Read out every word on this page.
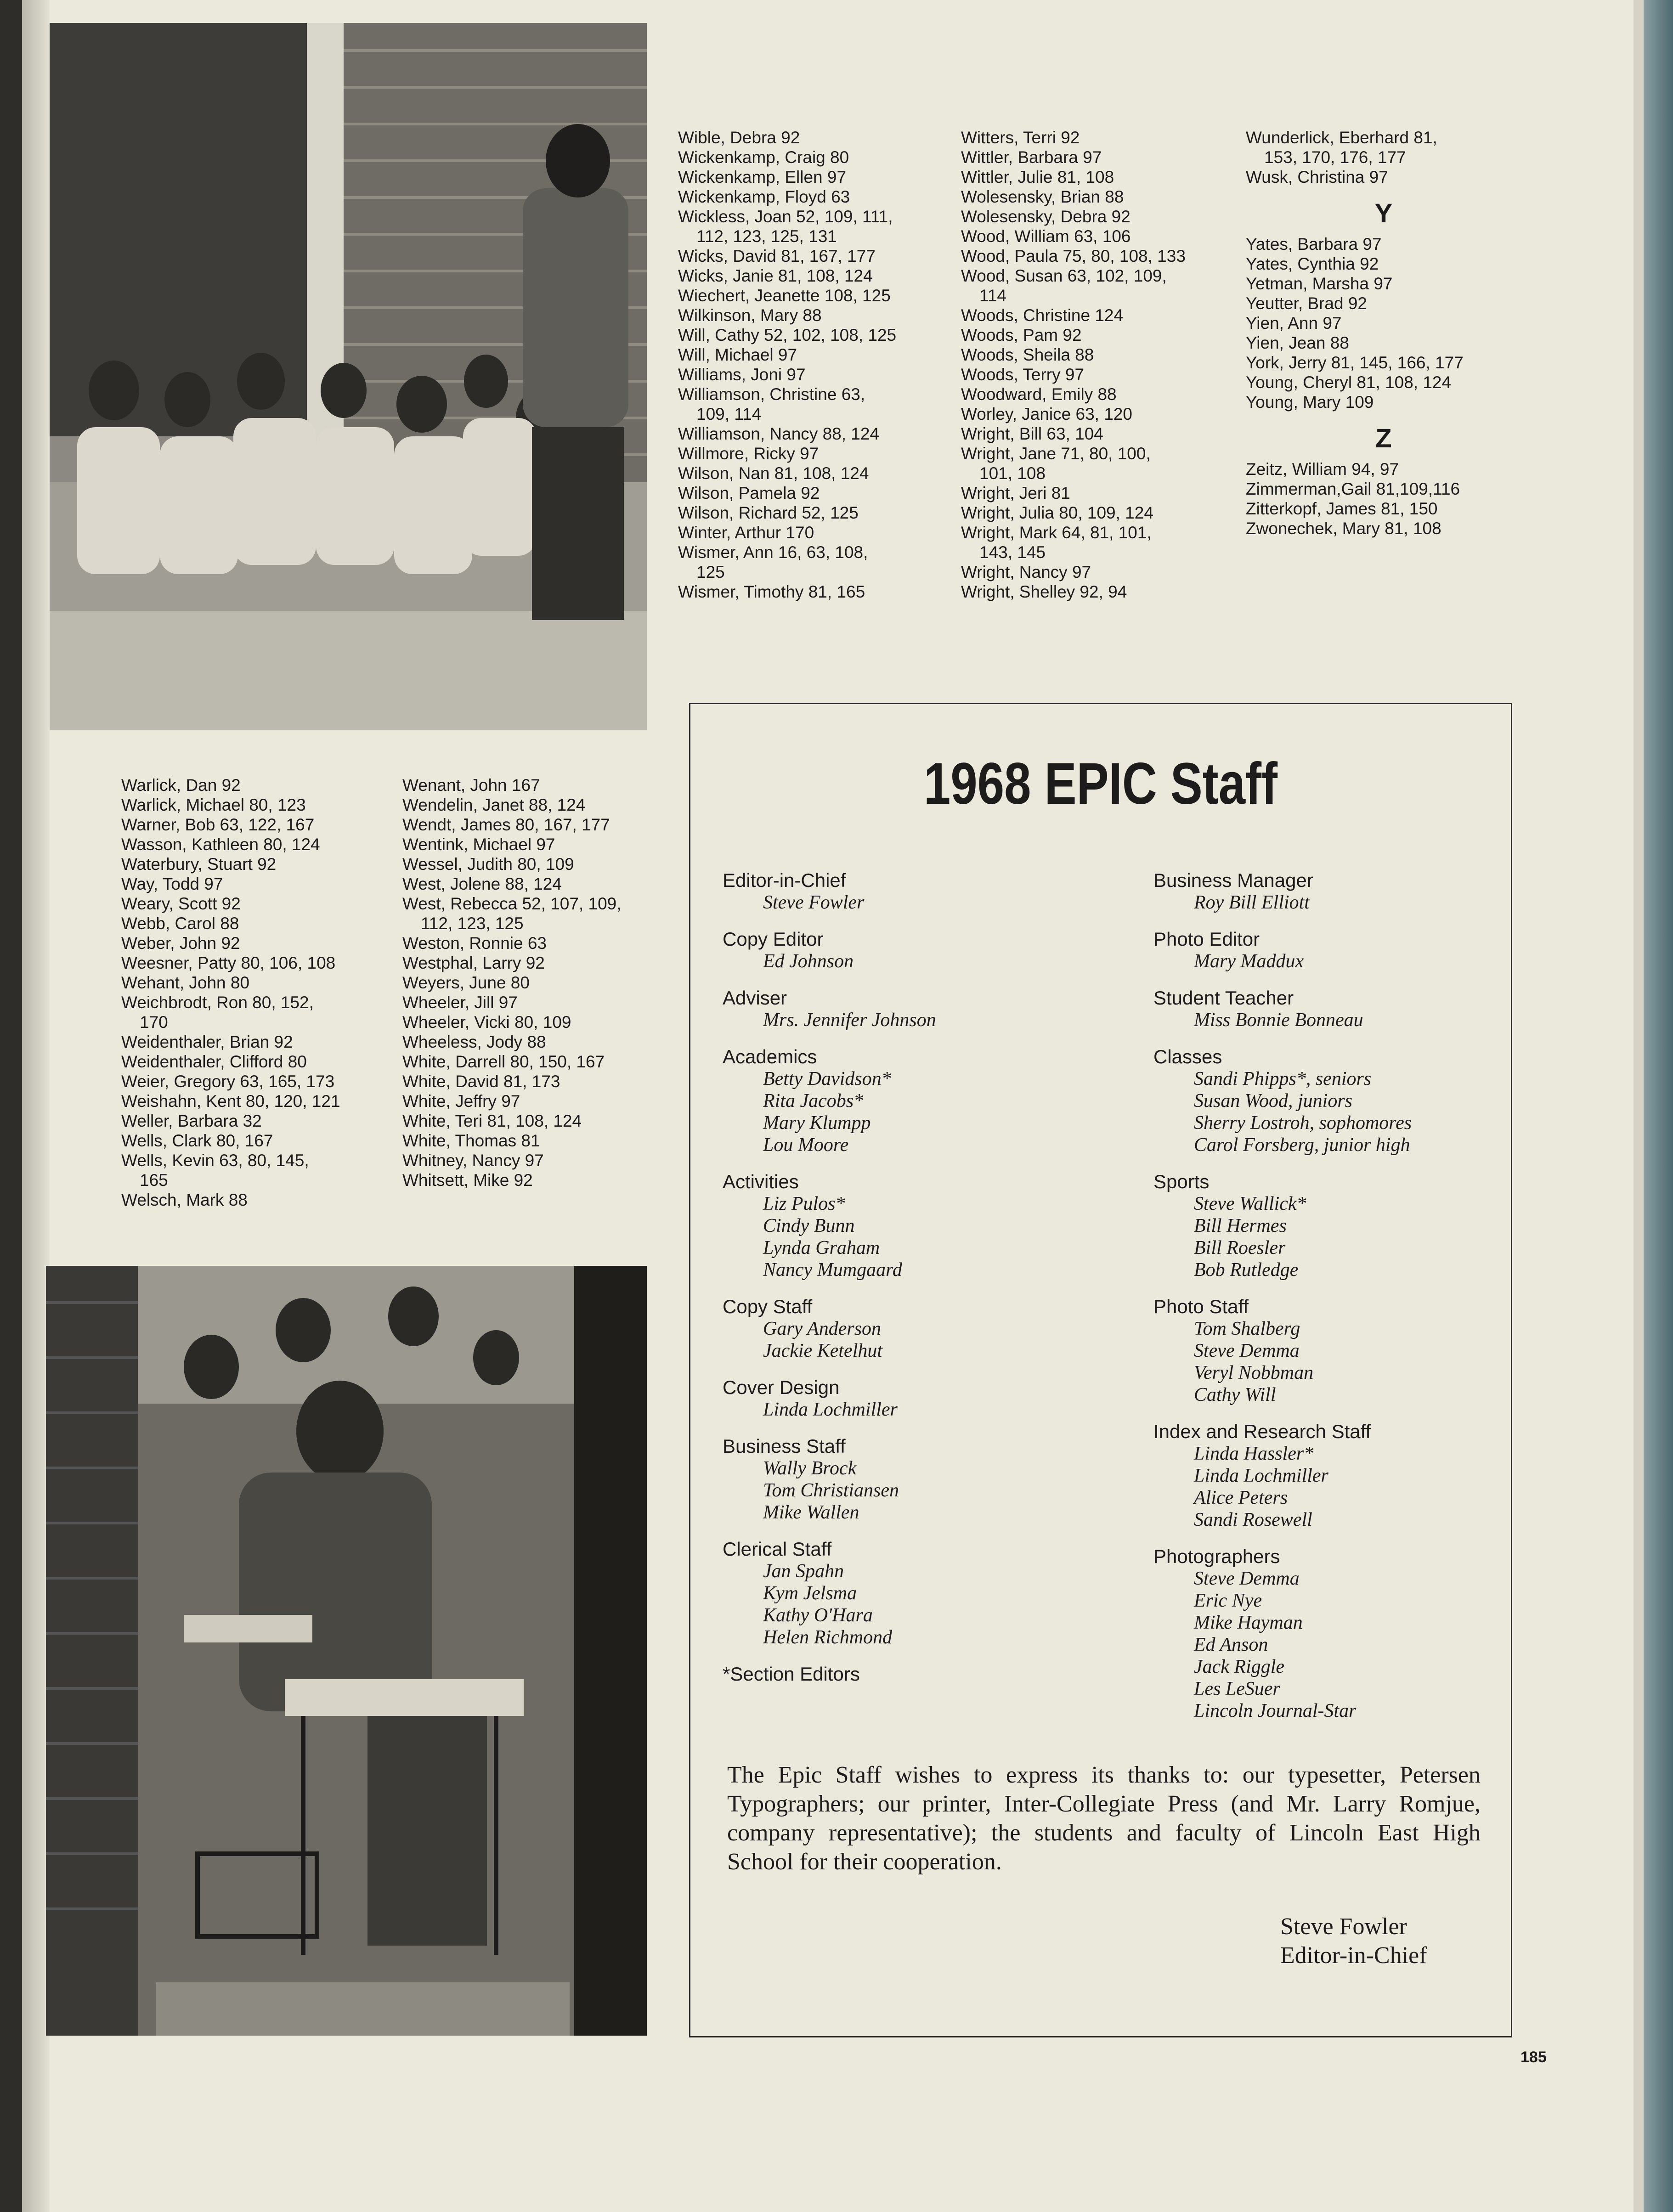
Wible, Debra 92
Wickenkamp, Craig 80
Wickenkamp, Ellen 97
Wickenkamp, Floyd 63
Wickless, Joan 52, 109, 111,
112, 123, 125, 131
Wicks, David 81, 167, 177
Wicks, Janie 81, 108, 124
Wiechert, Jeanette 108, 125
Wilkinson, Mary 88
Will, Cathy 52, 102, 108, 125
Will, Michael 97
Williams, Joni 97
Williamson, Christine 63,
109, 114
Williamson, Nancy 88, 124
Willmore, Ricky 97
Wilson, Nan 81, 108, 124
Wilson, Pamela 92
Wilson, Richard 52, 125
Winter, Arthur 170
Wismer, Ann 16, 63, 108,
125
Wismer, Timothy 81, 165
Witters, Terri 92
Wittler, Barbara 97
Wittler, Julie 81, 108
Wolesensky, Brian 88
Wolesensky, Debra 92
Wood, William 63, 106
Wood, Paula 75, 80, 108, 133
Wood, Susan 63, 102, 109,
114
Woods, Christine 124
Woods, Pam 92
Woods, Sheila 88
Woods, Terry 97
Woodward, Emily 88
Worley, Janice 63, 120
Wright, Bill 63, 104
Wright, Jane 71, 80, 100,
101, 108
Wright, Jeri 81
Wright, Julia 80, 109, 124
Wright, Mark 64, 81, 101,
143, 145
Wright, Nancy 97
Wright, Shelley 92, 94
Wunderlick, Eberhard 81,
153, 170, 176, 177
Wusk, Christina 97
Y
Yates, Barbara 97
Yates, Cynthia 92
Yetman, Marsha 97
Yeutter, Brad 92
Yien, Ann 97
Yien, Jean 88
York, Jerry 81, 145, 166, 177
Young, Cheryl 81, 108, 124
Young, Mary 109
Z
Zeitz, William 94, 97
Zimmerman,Gail 81,109,116
Zitterkopf, James 81, 150
Zwonechek, Mary 81, 108
Warlick, Dan 92
Warlick, Michael 80, 123
Warner, Bob 63, 122, 167
Wasson, Kathleen 80, 124
Waterbury, Stuart 92
Way, Todd 97
Weary, Scott 92
Webb, Carol 88
Weber, John 92
Weesner, Patty 80, 106, 108
Wehant, John 80
Weichbrodt, Ron 80, 152,
170
Weidenthaler, Brian 92
Weidenthaler, Clifford 80
Weier, Gregory 63, 165, 173
Weishahn, Kent 80, 120, 121
Weller, Barbara 32
Wells, Clark 80, 167
Wells, Kevin 63, 80, 145,
165
Welsch, Mark 88
Wenant, John 167
Wendelin, Janet 88, 124
Wendt, James 80, 167, 177
Wentink, Michael 97
Wessel, Judith 80, 109
West, Jolene 88, 124
West, Rebecca 52, 107, 109,
112, 123, 125
Weston, Ronnie 63
Westphal, Larry 92
Weyers, June 80
Wheeler, Jill 97
Wheeler, Vicki 80, 109
Wheeless, Jody 88
White, Darrell 80, 150, 167
White, David 81, 173
White, Jeffry 97
White, Teri 81, 108, 124
White, Thomas 81
Whitney, Nancy 97
Whitsett, Mike 92
1968 EPIC Staff
Editor-in-Chief
Steve Fowler
Copy Editor
Ed Johnson
Adviser
Mrs. Jennifer Johnson
Academics
Betty Davidson*
Rita Jacobs*
Mary Klumpp
Lou Moore
Activities
Liz Pulos*
Cindy Bunn
Lynda Graham
Nancy Mumgaard
Copy Staff
Gary Anderson
Jackie Ketelhut
Cover Design
Linda Lochmiller
Business Staff
Wally Brock
Tom Christiansen
Mike Wallen
Clerical Staff
Jan Spahn
Kym Jelsma
Kathy O'Hara
Helen Richmond
*Section Editors
Business Manager
Roy Bill Elliott
Photo Editor
Mary Maddux
Student Teacher
Miss Bonnie Bonneau
Classes
Sandi Phipps*, seniors
Susan Wood, juniors
Sherry Lostroh, sophomores
Carol Forsberg, junior high
Sports
Steve Wallick*
Bill Hermes
Bill Roesler
Bob Rutledge
Photo Staff
Tom Shalberg
Steve Demma
Veryl Nobbman
Cathy Will
Index and Research Staff
Linda Hassler*
Linda Lochmiller
Alice Peters
Sandi Rosewell
Photographers
Steve Demma
Eric Nye
Mike Hayman
Ed Anson
Jack Riggle
Les LeSuer
Lincoln Journal-Star
The Epic Staff wishes to express its thanks to: our typesetter, Petersen Typographers; our printer, Inter-Collegiate Press (and Mr. Larry Romjue, company representative); the students and faculty of Lincoln East High School for their cooperation.
Steve Fowler
Editor-in-Chief
185
